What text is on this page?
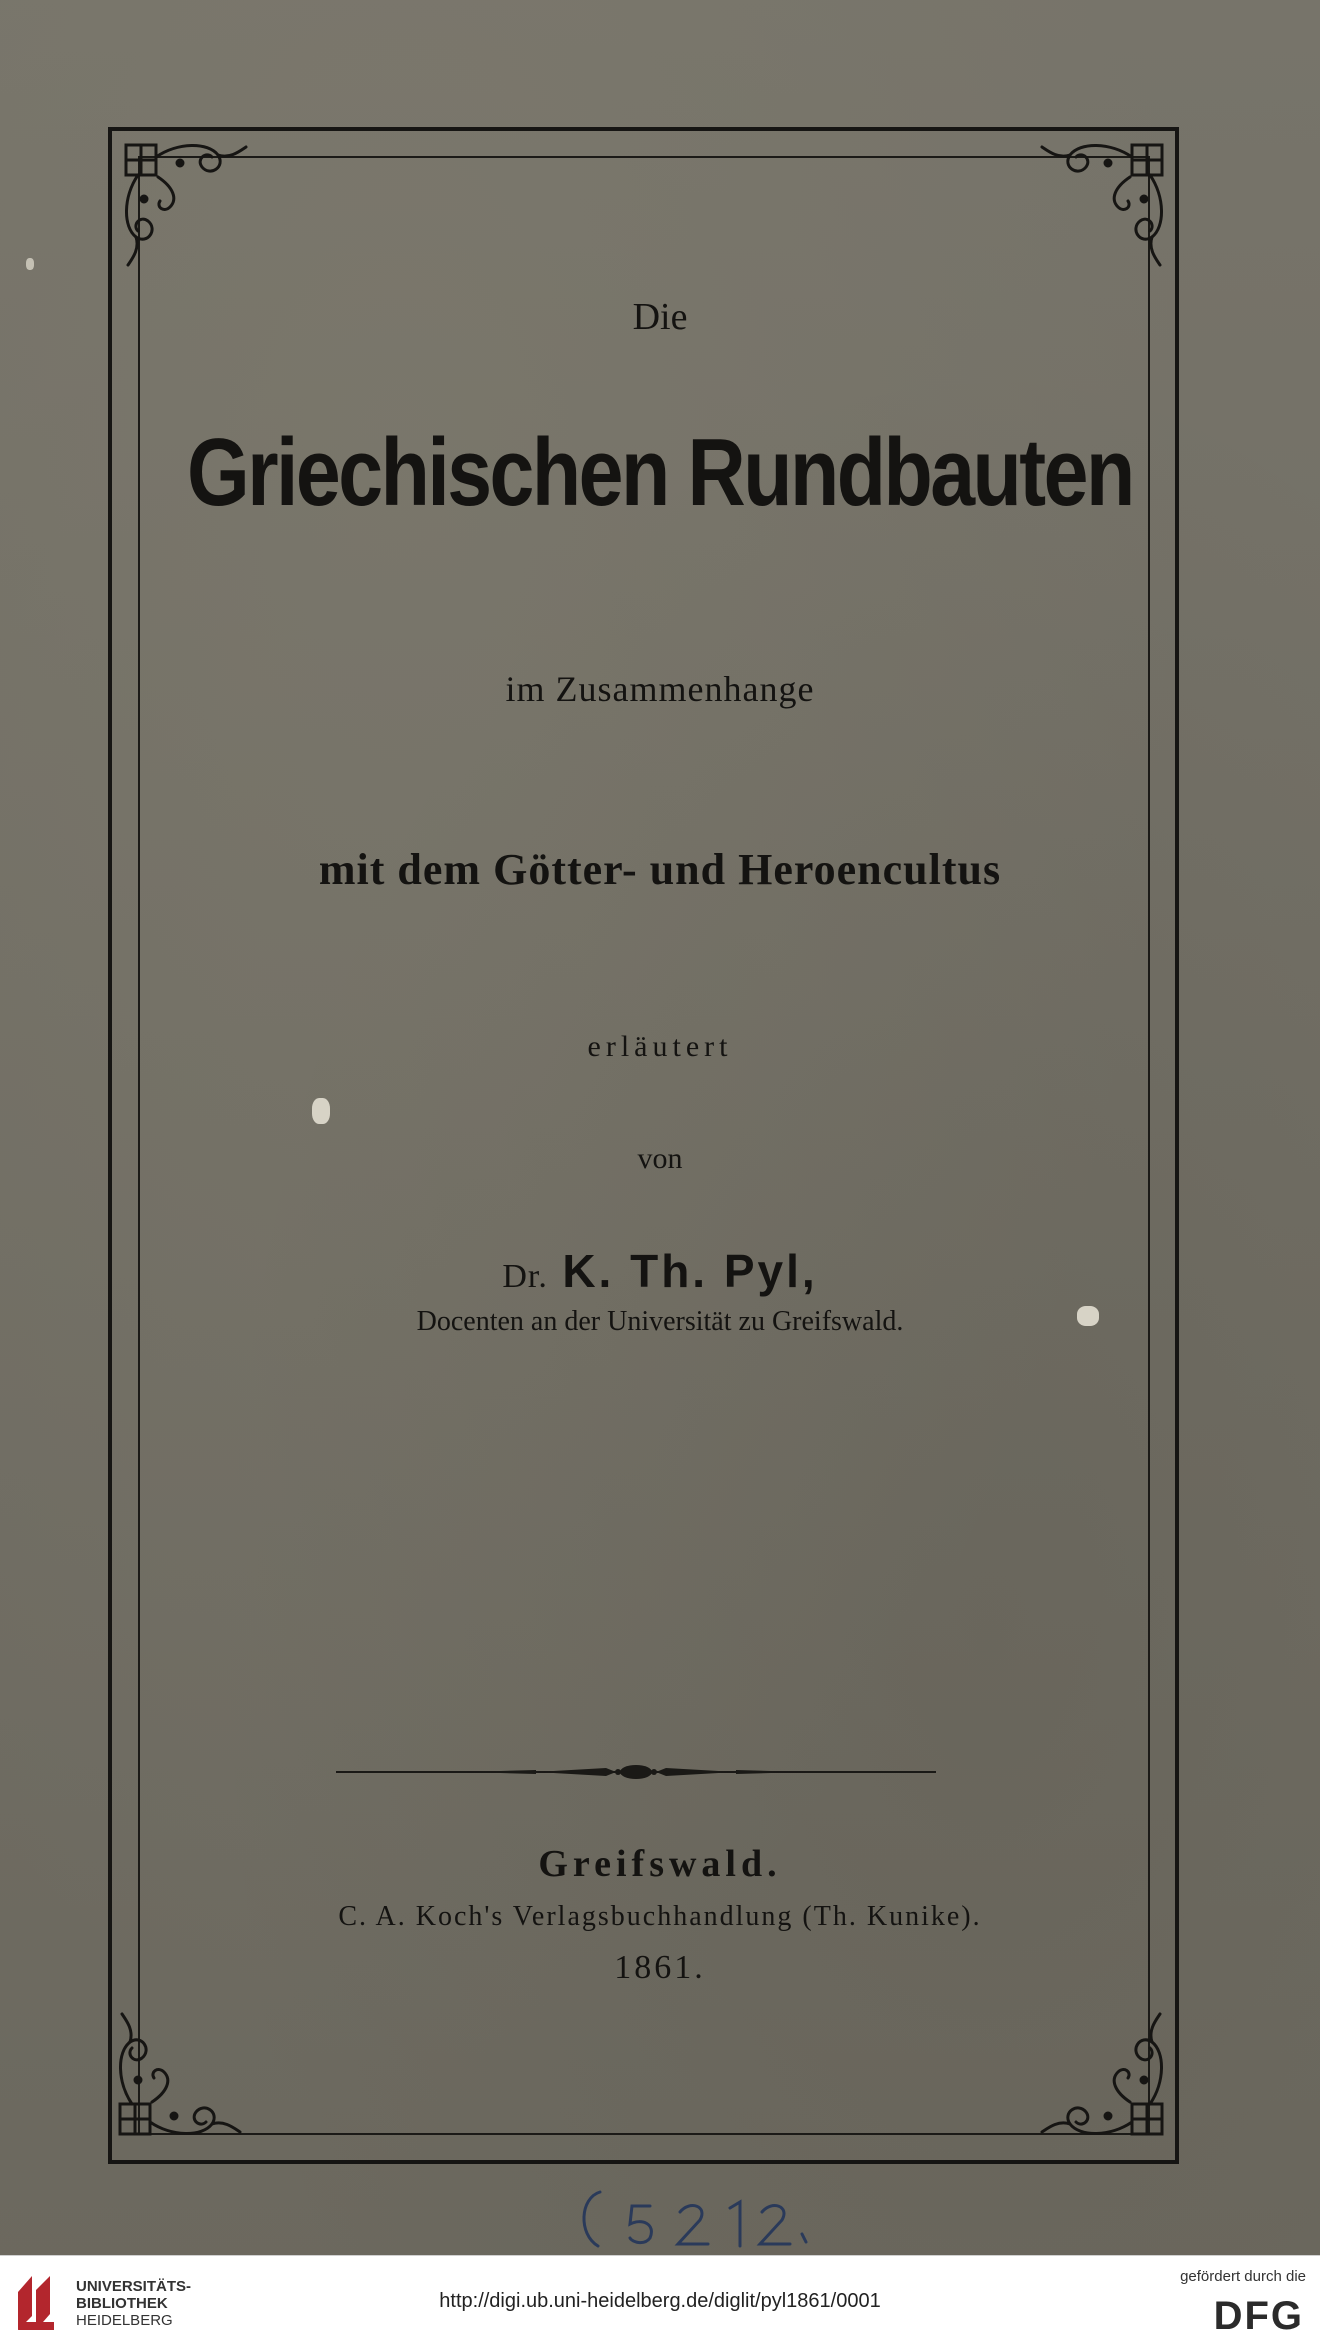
Die
Griechischen Rundbauten
im Zusammenhange
mit dem Götter- und Heroencultus
erläutert
von
Dr. K. Th. Pyl,
Docenten an der Universität zu Greifswald.
Greifswald.
C. A. Koch's Verlagsbuchhandlung (Th. Kunike).
1861.
UNIVERSITÄTS-
BIBLIOTHEK
HEIDELBERG
http://digi.ub.uni-heidelberg.de/diglit/pyl1861/0001
gefördert durch die
DFG
